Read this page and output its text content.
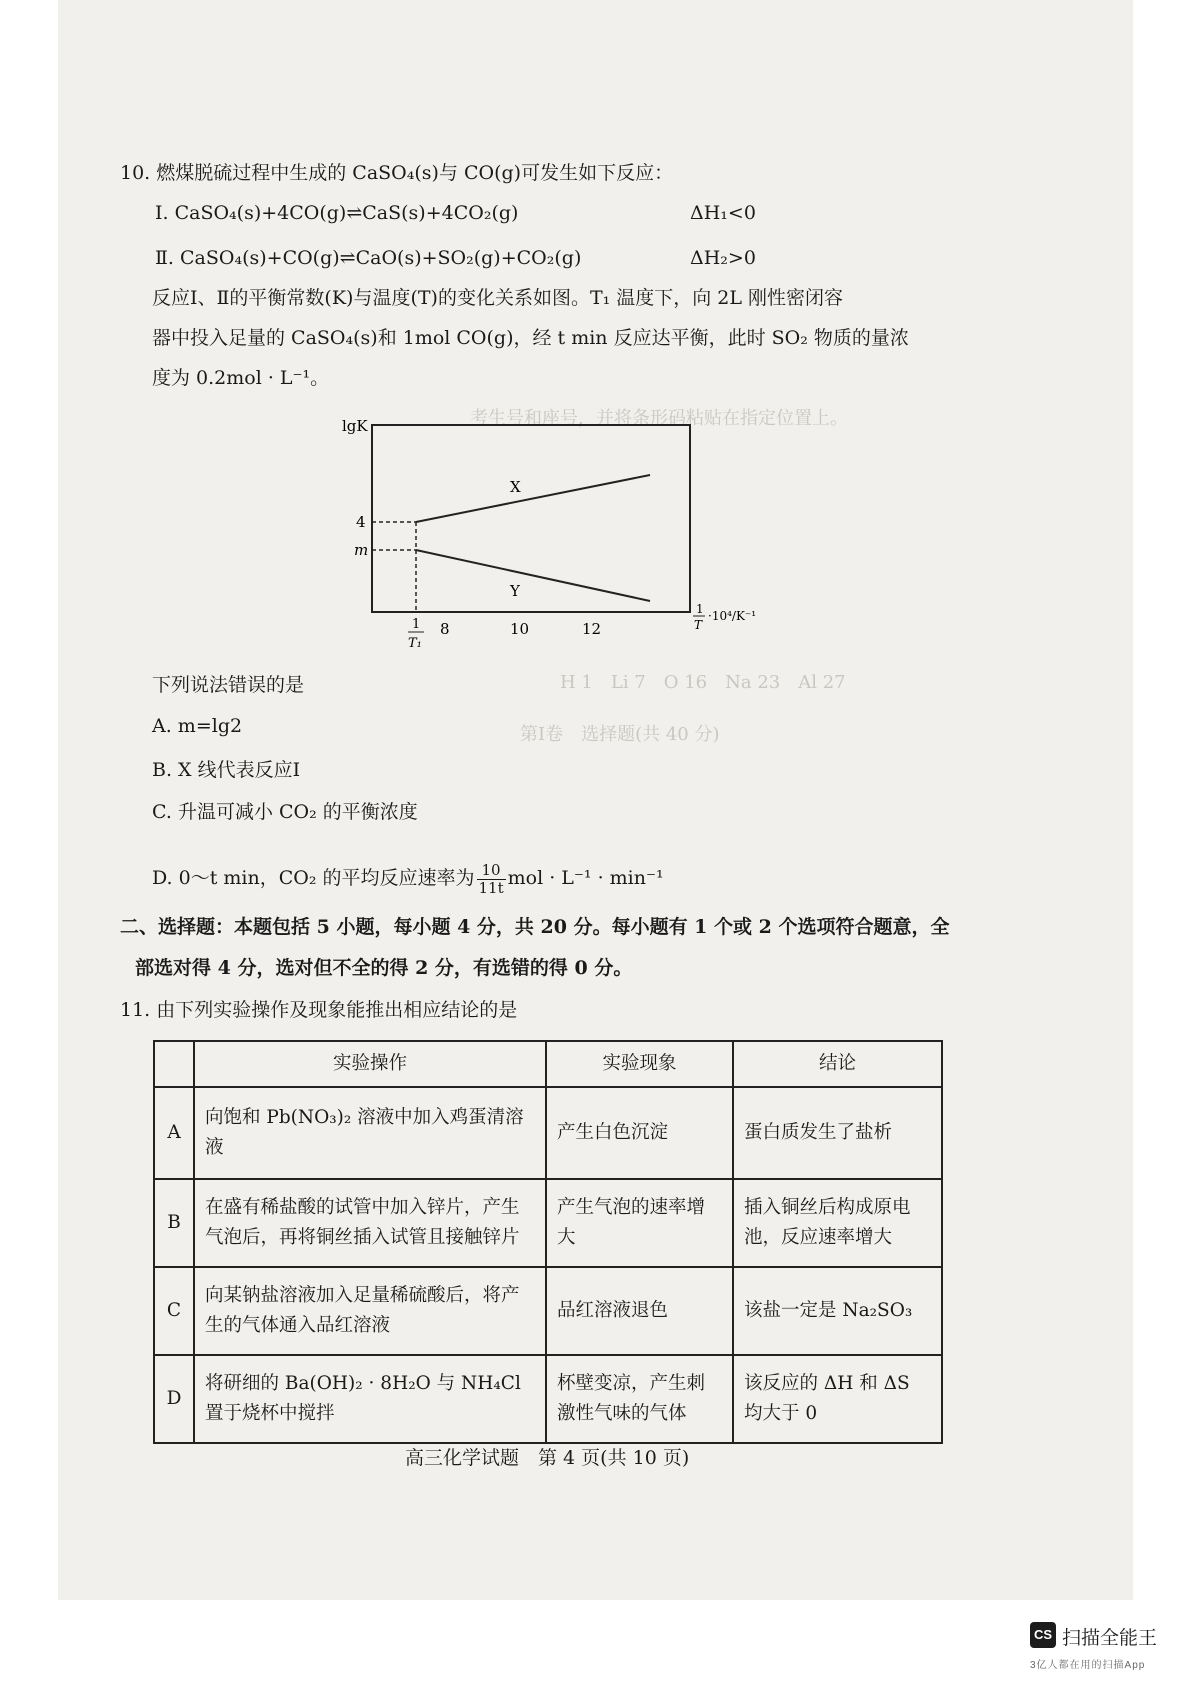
考生号和座号，并将条形码粘贴在指定位置上。
第Ⅰ卷　选择题(共 40 分)
H 1　Li 7　O 16　Na 23　Al 27
10. 燃煤脱硫过程中生成的 CaSO₄(s)与 CO(g)可发生如下反应：
Ⅰ. CaSO₄(s)+4CO(g)⇌CaS(s)+4CO₂(g)	ΔH₁<0
Ⅱ. CaSO₄(s)+CO(g)⇌CaO(s)+SO₂(g)+CO₂(g)	ΔH₂>0
反应Ⅰ、Ⅱ的平衡常数(K)与温度(T)的变化关系如图。T₁ 温度下，向 2L 刚性密闭容
器中投入足量的 CaSO₄(s)和 1mol CO(g)，经 t min 反应达平衡，此时 SO₂ 物质的量浓
度为 0.2mol · L⁻¹。
lgK
4
m
X
Y
1
T₁
8	10	12
1
T
·10⁴/K⁻¹
下列说法错误的是
A. m=lg2
B. X 线代表反应Ⅰ
C. 升温可减小 CO₂ 的平衡浓度
D. 0～t min，CO₂ 的平均反应速率为 $\frac{10}{11t}$ mol · L⁻¹ · min⁻¹
二、选择题：本题包括 5 小题，每小题 4 分，共 20 分。每小题有 1 个或 2 个选项符合题意，全
部选对得 4 分，选对但不全的得 2 分，有选错的得 0 分。
11. 由下列实验操作及现象能推出相应结论的是
	实验操作	实验现象	结论
A	向饱和 Pb(NO₃)₂ 溶液中加入鸡蛋清溶液	产生白色沉淀	蛋白质发生了盐析
B	在盛有稀盐酸的试管中加入锌片，产生气泡后，再将铜丝插入试管且接触锌片	产生气泡的速率增大	插入铜丝后构成原电池，反应速率增大
C	向某钠盐溶液加入足量稀硫酸后，将产生的气体通入品红溶液	品红溶液退色	该盐一定是 Na₂SO₃
D	将研细的 Ba(OH)₂ · 8H₂O 与 NH₄Cl 置于烧杯中搅拌	杯壁变凉，产生刺激性气味的气体	该反应的 ΔH 和 ΔS 均大于 0
高三化学试题　第 4 页(共 10 页)
CS 扫描全能王
3亿人都在用的扫描App
